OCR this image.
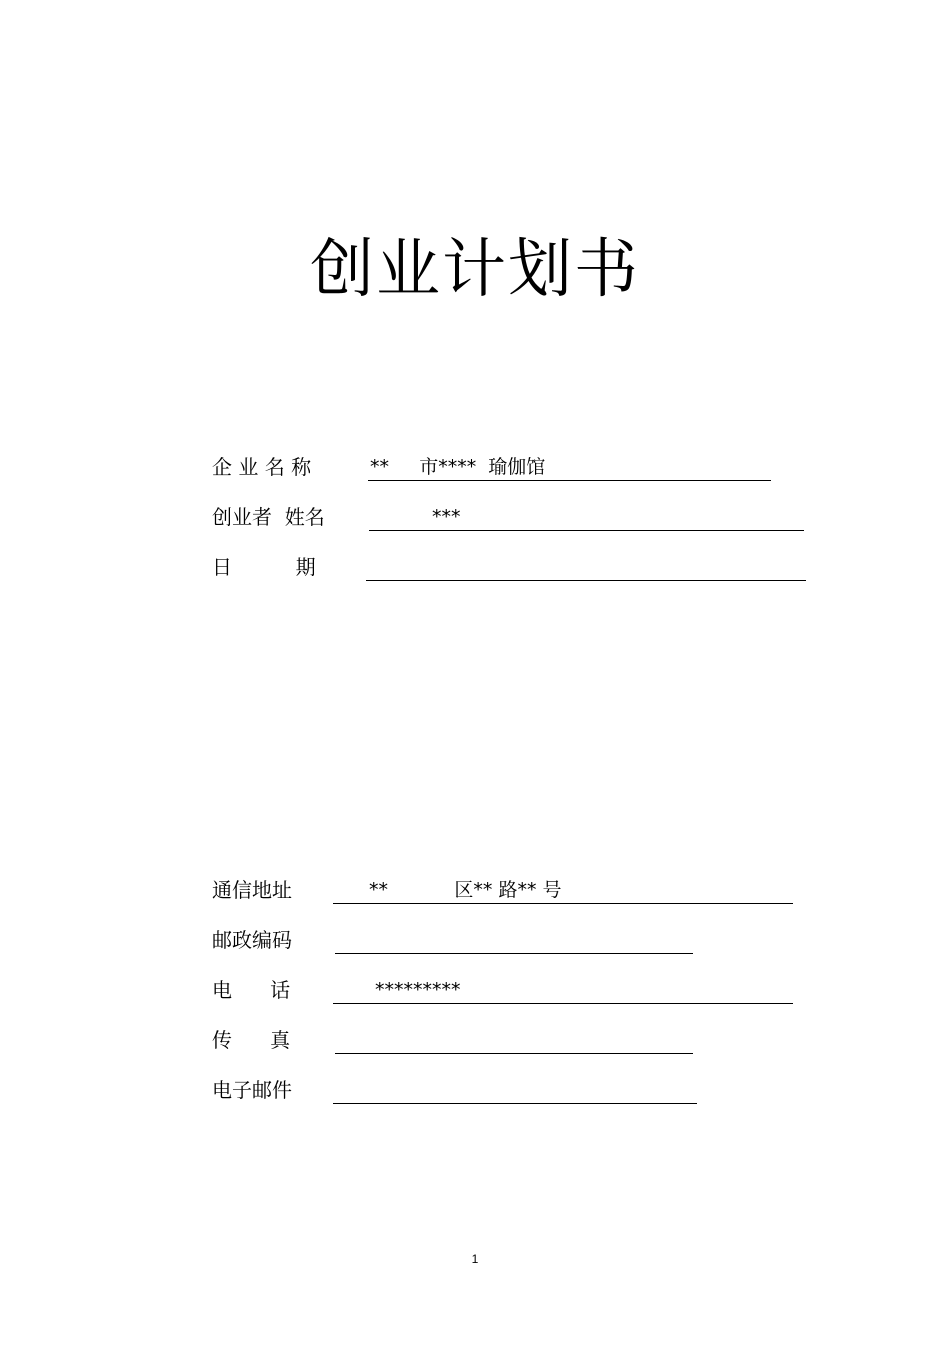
创业计划书
企 业 名 称	**     市****  瑜伽馆
创业者  姓名	***
日          期
通信地址	**           区** 路** 号
邮政编码
电      话	*********
传      真
电子邮件
1
